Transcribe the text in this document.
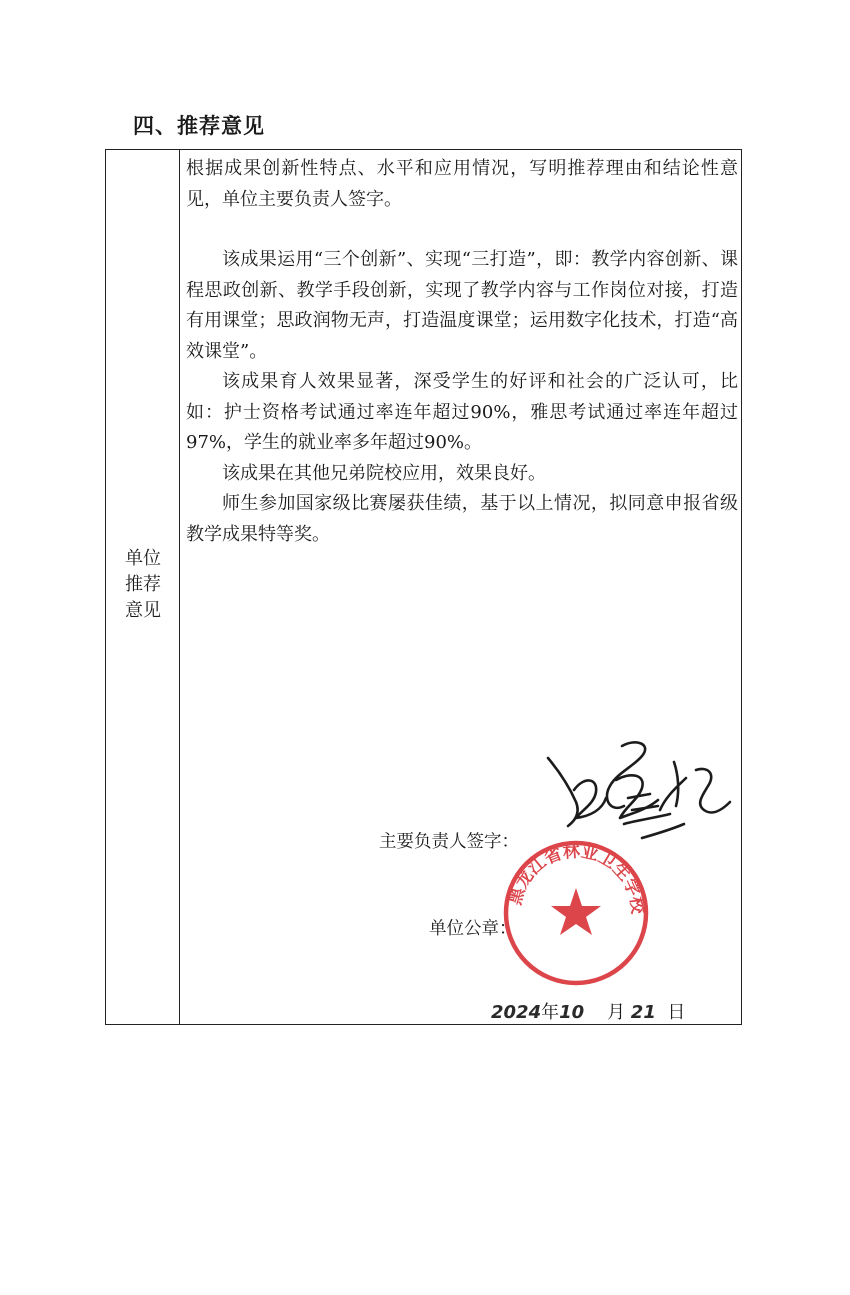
四、推荐意见
单位
推荐
意见

根据成果创新性特点、水平和应用情况，写明推荐理由和结论性意见，单位主要负责人签字。

该成果运用“三个创新”、实现“三打造”，即：教学内容创新、课程思政创新、教学手段创新，实现了教学内容与工作岗位对接，打造有用课堂；思政润物无声，打造温度课堂；运用数字化技术，打造“高效课堂”。

该成果育人效果显著，深受学生的好评和社会的广泛认可，比如：护士资格考试通过率连年超过90%，雅思考试通过率连年超过97%，学生的就业率多年超过90%。

该成果在其他兄弟院校应用，效果良好。

师生参加国家级比赛屡获佳绩，基于以上情况，拟同意申报省级教学成果特等奖。

主要负责人签字：
单位公章：
黑龙江省林业卫生学校
2024年10 月 21 日
